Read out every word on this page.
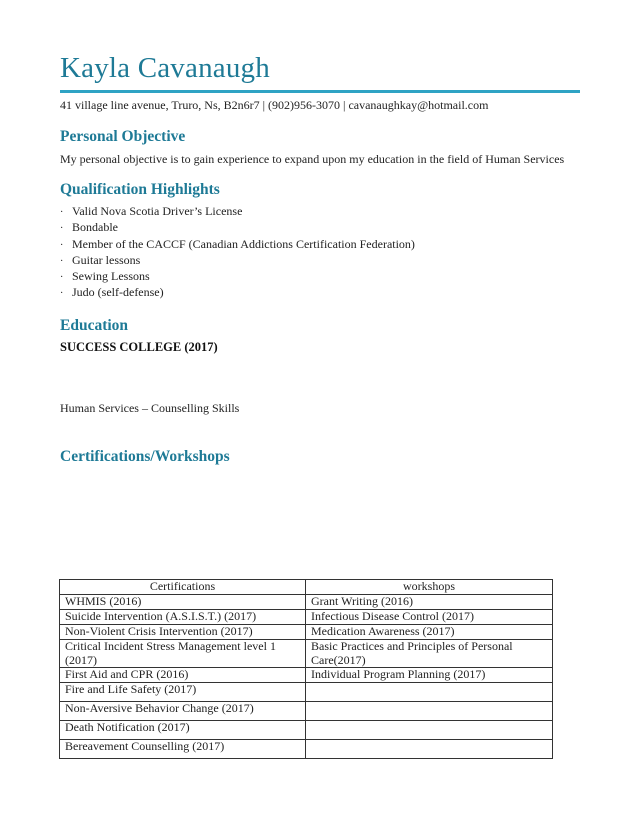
Kayla Cavanaugh
41 village line avenue, Truro, Ns, B2n6r7 | (902)956-3070 | cavanaughkay@hotmail.com
Personal Objective
My personal objective is to gain experience to expand upon my education in the field of Human Services
Qualification Highlights
· Valid Nova Scotia Driver’s License
· Bondable
· Member of the CACCF (Canadian Addictions Certification Federation)
· Guitar lessons
· Sewing Lessons
· Judo (self-defense)
Education
SUCCESS COLLEGE (2017)
Human Services – Counselling Skills
Certifications/Workshops
Certifications	workshops
WHMIS (2016)	Grant Writing (2016)
Suicide Intervention (A.S.I.S.T.) (2017)	Infectious Disease Control (2017)
Non-Violent Crisis Intervention (2017)	Medication Awareness (2017)
Critical Incident Stress Management level 1 (2017)	Basic Practices and Principles of Personal Care(2017)
First Aid and CPR (2016)	Individual Program Planning (2017)
Fire and Life Safety (2017)	
Non-Aversive Behavior Change (2017)	
Death Notification (2017)	
Bereavement Counselling (2017)	
